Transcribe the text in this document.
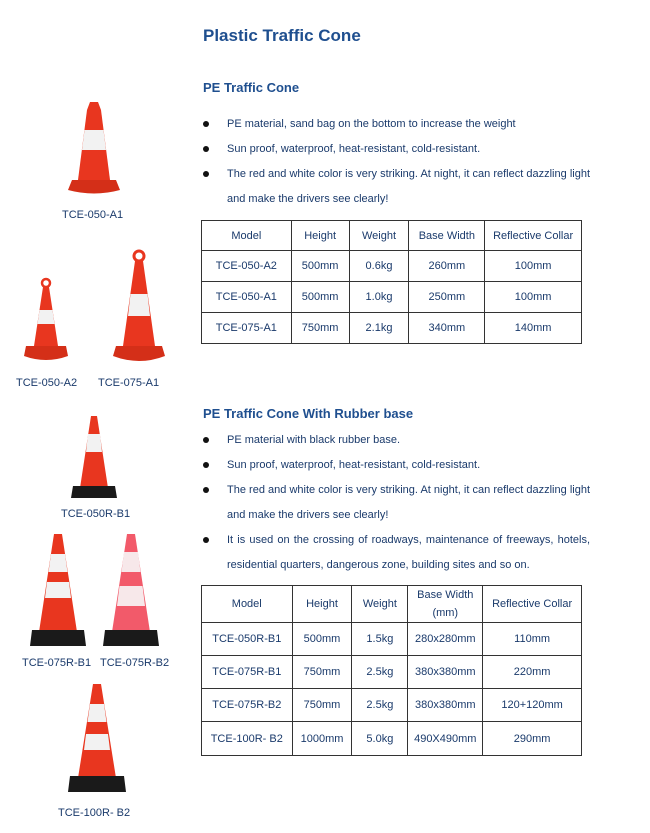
Plastic Traffic Cone
PE Traffic Cone
PE material, sand bag on the bottom to increase the weight
Sun proof, waterproof, heat-resistant, cold-resistant.
The red and white color is very striking. At night, it can reflect dazzling light and make the drivers see clearly!
Model	Height	Weight	Base Width	Reflective Collar
TCE-050-A2	500mm	0.6kg	260mm	100mm
TCE-050-A1	500mm	1.0kg	250mm	100mm
TCE-075-A1	750mm	2.1kg	340mm	140mm
PE Traffic Cone With Rubber base
PE material with black rubber base.
Sun proof, waterproof, heat-resistant, cold-resistant.
The red and white color is very striking. At night, it can reflect dazzling light and make the drivers see clearly!
It is used on the crossing of roadways, maintenance of freeways, hotels, residential quarters, dangerous zone, building sites and so on.
Model	Height	Weight	Base Width (mm)	Reflective Collar
TCE-050R-B1	500mm	1.5kg	280x280mm	110mm
TCE-075R-B1	750mm	2.5kg	380x380mm	220mm
TCE-075R-B2	750mm	2.5kg	380x380mm	120+120mm
TCE-100R- B2	1000mm	5.0kg	490X490mm	290mm
TCE-050-A1
TCE-050-A2 TCE-075-A1
TCE-050R-B1
TCE-075R-B1 TCE-075R-B2
TCE-100R- B2
